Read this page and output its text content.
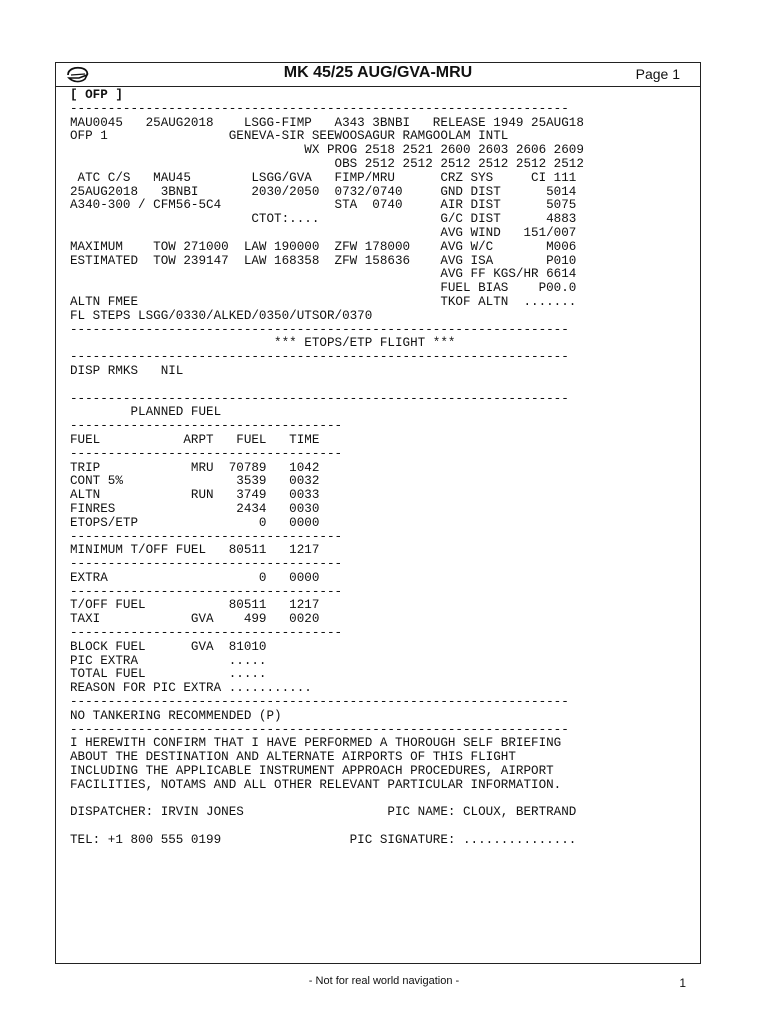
MK 45/25 AUG/GVA-MRU	Page 1
[ OFP ]
------------------------------------------------------------------
MAU0045   25AUG2018    LSGG-FIMP   A343 3BNBI   RELEASE 1949 25AUG18
OFP 1                GENEVA-SIR SEEWOOSAGUR RAMGOOLAM INTL
WX PROG 2518 2521 2600 2603 2606 2609
OBS 2512 2512 2512 2512 2512 2512
ATC C/S   MAU45        LSGG/GVA   FIMP/MRU      CRZ SYS     CI 111
25AUG2018   3BNBI       2030/2050  0732/0740     GND DIST      5014
A340-300 / CFM56-5C4               STA  0740     AIR DIST      5075
CTOT:....                G/C DIST      4883
AVG WIND   151/007
MAXIMUM    TOW 271000  LAW 190000  ZFW 178000    AVG W/C       M006
ESTIMATED  TOW 239147  LAW 168358  ZFW 158636    AVG ISA       P010
AVG FF KGS/HR 6614
FUEL BIAS    P00.0
ALTN FMEE                                        TKOF ALTN  .......
FL STEPS LSGG/0330/ALKED/0350/UTSOR/0370
------------------------------------------------------------------
*** ETOPS/ETP FLIGHT ***
------------------------------------------------------------------
DISP RMKS   NIL
------------------------------------------------------------------
PLANNED FUEL
------------------------------------
FUEL           ARPT   FUEL   TIME
------------------------------------
TRIP            MRU  70789   1042
CONT 5%               3539   0032
ALTN            RUN   3749   0033
FINRES                2434   0030
ETOPS/ETP                0   0000
------------------------------------
MINIMUM T/OFF FUEL   80511   1217
------------------------------------
EXTRA                    0   0000
------------------------------------
T/OFF FUEL           80511   1217
TAXI            GVA    499   0020
------------------------------------
BLOCK FUEL      GVA  81010
PIC EXTRA            .....
TOTAL FUEL           .....
REASON FOR PIC EXTRA ...........
------------------------------------------------------------------
NO TANKERING RECOMMENDED (P)
------------------------------------------------------------------
I HEREWITH CONFIRM THAT I HAVE PERFORMED A THOROUGH SELF BRIEFING
ABOUT THE DESTINATION AND ALTERNATE AIRPORTS OF THIS FLIGHT
INCLUDING THE APPLICABLE INSTRUMENT APPROACH PROCEDURES, AIRPORT
FACILITIES, NOTAMS AND ALL OTHER RELEVANT PARTICULAR INFORMATION.
DISPATCHER: IRVIN JONES                   PIC NAME: CLOUX, BERTRAND
TEL: +1 800 555 0199                 PIC SIGNATURE: ...............
- Not for real world navigation -	1
